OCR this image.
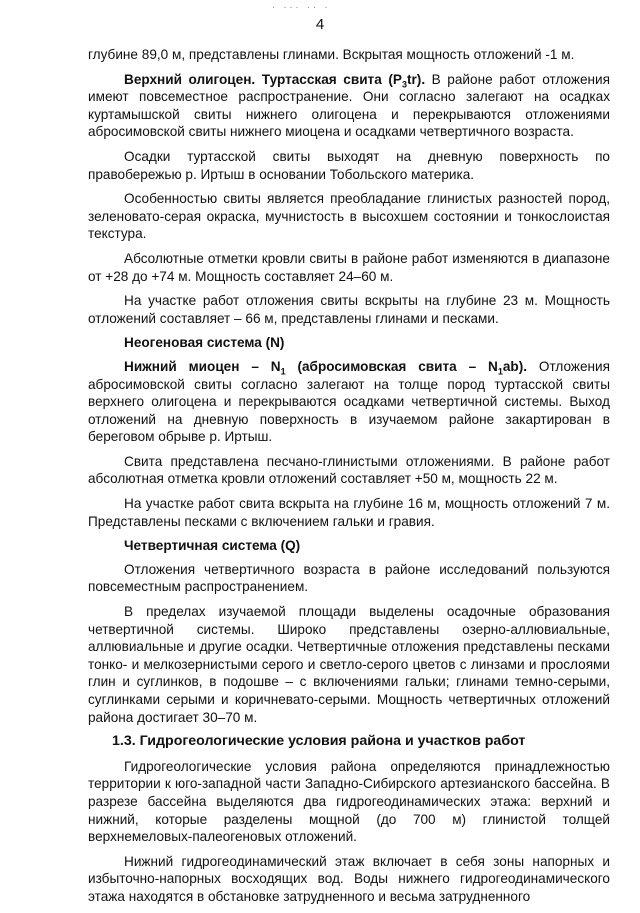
· ··· ·· ·
4

глубине 89,0 м, представлены глинами. Вскрытая мощность отложений -1 м.

Верхний олигоцен. Туртасская свита $(P_3tr)$. В районе работ отложения имеют повсеместное распространение. Они согласно залегают на осадках куртамышской свиты нижнего олигоцена и перекрываются отложениями абросимовской свиты нижнего миоцена и осадками четвертичного возраста.

Осадки туртасской свиты выходят на дневную поверхность по правобережью р. Иртыш в основании Тобольского материка.

Особенностью свиты является преобладание глинистых разностей пород, зеленовато-серая окраска, мучнистость в высохшем состоянии и тонкослоистая текстура.

Абсолютные отметки кровли свиты в районе работ изменяются в диапазоне от +28 до +74 м. Мощность составляет 24–60 м.

На участке работ отложения свиты вскрыты на глубине 23 м. Мощность отложений составляет – 66 м, представлены глинами и песками.

Неогеновая система (N)

Нижний миоцен – $N_1$ (абросимовская свита – $N_1ab$). Отложения абросимовской свиты согласно залегают на толще пород туртасской свиты верхнего олигоцена и перекрываются осадками четвертичной системы. Выход отложений на дневную поверхность в изучаемом районе закартирован в береговом обрыве р. Иртыш.

Свита представлена песчано-глинистыми отложениями. В районе работ абсолютная отметка кровли отложений составляет +50 м, мощность 22 м.

На участке работ свита вскрыта на глубине 16 м, мощность отложений 7 м. Представлены песками с включением гальки и гравия.

Четвертичная система (Q)

Отложения четвертичного возраста в районе исследований пользуются повсеместным распространением.

В пределах изучаемой площади выделены осадочные образования четвертичной системы. Широко представлены озерно-аллювиальные, аллювиальные и другие осадки. Четвертичные отложения представлены песками тонко- и мелкозернистыми серого и светло-серого цветов с линзами и прослоями глин и суглинков, в подошве – с включениями гальки; глинами темно-серыми, суглинками серыми и коричневато-серыми. Мощность четвертичных отложений района достигает 30–70 м.

1.3. Гидрогеологические условия района и участков работ

Гидрогеологические условия района определяются принадлежностью территории к юго-западной части Западно-Сибирского артезианского бассейна. В разрезе бассейна выделяются два гидрогеодинамических этажа: верхний и нижний, которые разделены мощной (до 700 м) глинистой толщей верхнемеловых-палеогеновых отложений.

Нижний гидрогеодинамический этаж включает в себя зоны напорных и избыточно-напорных восходящих вод. Воды нижнего гидрогеодинамического этажа находятся в обстановке затрудненного и весьма затрудненного
